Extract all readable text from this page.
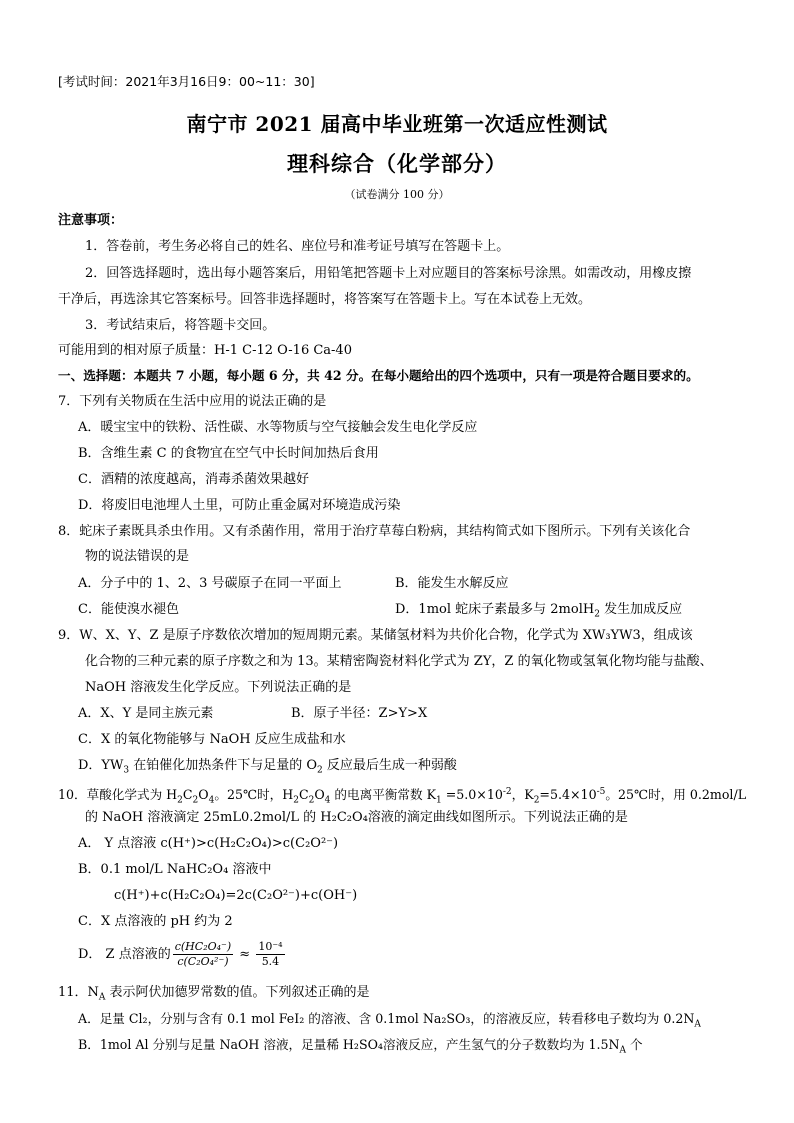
[考试时间：2021年3月16日9：00~11：30]
南宁市 2021 届高中毕业班第一次适应性测试
理科综合（化学部分）
（试卷满分 100 分）
注意事项：
1．答卷前，考生务必将自己的姓名、座位号和准考证号填写在答题卡上。
2．回答选择题时，选出每小题答案后，用铅笔把答题卡上对应题目的答案标号涂黑。如需改动，用橡皮擦
干净后，再选涂其它答案标号。回答非选择题时，将答案写在答题卡上。写在本试卷上无效。
3．考试结束后，将答题卡交回。
可能用到的相对原子质量：H-1 C-12 O-16 Ca-40
一、选择题：本题共 7 小题，每小题 6 分，共 42 分。在每小题给出的四个选项中，只有一项是符合题目要求的。
7．下列有关物质在生活中应用的说法正确的是
A．暖宝宝中的铁粉、活性碳、水等物质与空气接触会发生电化学反应
B．含维生素 C 的食物宜在空气中长时间加热后食用
C．酒精的浓度越高，消毒杀菌效果越好
D．将废旧电池埋人土里，可防止重金属对环境造成污染
8．蛇床子素既具杀虫作用。又有杀菌作用，常用于治疗草莓白粉病，其结构简式如下图所示。下列有关该化合
物的说法错误的是
A．分子中的 1、2、3 号碳原子在同一平面上	B．能发生水解反应
C．能使溴水褪色	D．1mol 蛇床子素最多与 2molH$_2$ 发生加成反应
9．W、X、Y、Z 是原子序数依次增加的短周期元素。某储氢材料为共价化合物，化学式为 XW₃YW3，组成该
化合物的三种元素的原子序数之和为 13。某精密陶瓷材料化学式为 ZY，Z 的氧化物或氢氧化物均能与盐酸、
NaOH 溶液发生化学反应。下列说法正确的是
A．X、Y 是同主族元素	B．原子半径：Z>Y>X
C．X 的氧化物能够与 NaOH 反应生成盐和水
D．$YW_3$ 在铂催化加热条件下与足量的 $O_2$ 反应最后生成一种弱酸
10．草酸化学式为 $H_2C_2O_4$。25℃时，$H_2C_2O_4$ 的电离平衡常数 $K_1 =5.0\times 10^{-2}$，$K_2=5.4\times 10^{-5}$。25℃时，用 0.2mol/L
的 NaOH 溶液滴定 25mL0.2mol/L 的 H₂C₂O₄溶液的滴定曲线如图所示。下列说法正确的是
A． Y 点溶液 c(H⁺)>c(H₂C₂O₄)>c(C₂O²⁻)
B．0.1 mol/L NaHC₂O₄ 溶液中
c(H⁺)+c(H₂C₂O₄)=2c(C₂O²⁻)+c(OH⁻)
C．X 点溶液的 pH 约为 2
D． Z 点溶液的 $\frac{\text{c(HC₂O₄⁻)}}{\text{c(C₂O₄²⁻)}} \approx \frac{\text{10⁻⁴}}{5.4}$
11．$N_A$ 表示阿伏加德罗常数的值。下列叙述正确的是
A．足量 Cl₂，分别与含有 0.1 mol FeI₂ 的溶液、含 0.1mol Na₂SO₃，的溶液反应，转看移电子数均为 $0.2N_A$
B．1mol Al 分别与足量 NaOH 溶液，足量稀 H₂SO₄溶液反应，产生氢气的分子数数均为 $1.5N_A$ 个
